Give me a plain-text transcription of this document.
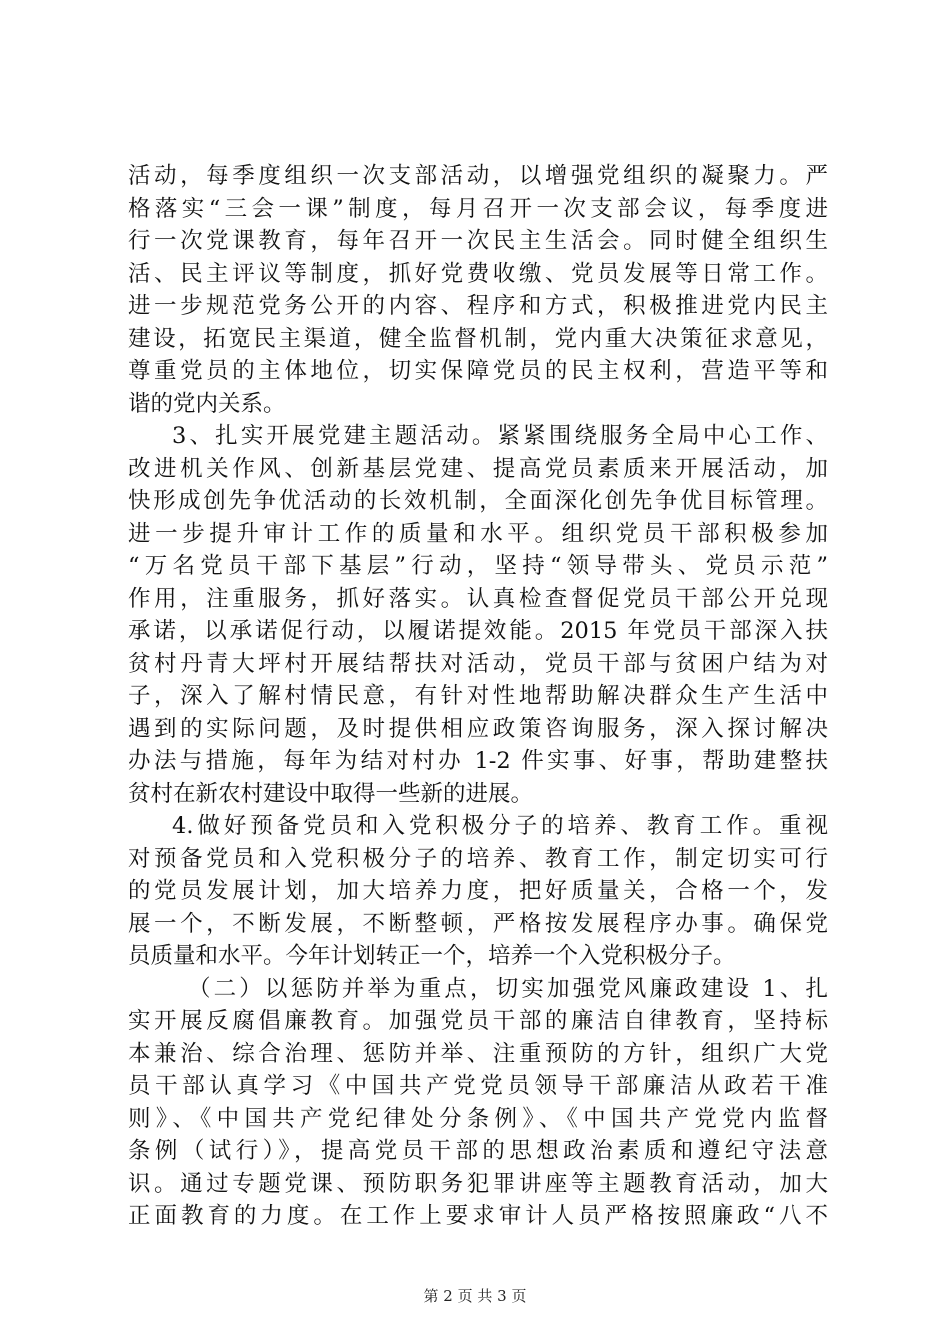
活动，每季度组织一次支部活动，以增强党组织的凝聚力。严
格落实“三会一课”制度，每月召开一次支部会议，每季度进
行一次党课教育，每年召开一次民主生活会。同时健全组织生
活、民主评议等制度，抓好党费收缴、党员发展等日常工作。
进一步规范党务公开的内容、程序和方式，积极推进党内民主
建设，拓宽民主渠道，健全监督机制，党内重大决策征求意见，
尊重党员的主体地位，切实保障党员的民主权利，营造平等和
谐的党内关系。
3、扎实开展党建主题活动。紧紧围绕服务全局中心工作、
改进机关作风、创新基层党建、提高党员素质来开展活动，加
快形成创先争优活动的长效机制，全面深化创先争优目标管理。
进一步提升审计工作的质量和水平。组织党员干部积极参加
“万名党员干部下基层”行动，坚持“领导带头、党员示范”
作用，注重服务，抓好落实。认真检查督促党员干部公开兑现
承诺，以承诺促行动，以履诺提效能。2015 年党员干部深入扶
贫村丹青大坪村开展结帮扶对活动，党员干部与贫困户结为对
子，深入了解村情民意，有针对性地帮助解决群众生产生活中
遇到的实际问题，及时提供相应政策咨询服务，深入探讨解决
办法与措施，每年为结对村办 1-2 件实事、好事，帮助建整扶
贫村在新农村建设中取得一些新的进展。
4.做好预备党员和入党积极分子的培养、教育工作。重视
对预备党员和入党积极分子的培养、教育工作，制定切实可行
的党员发展计划，加大培养力度，把好质量关，合格一个，发
展一个，不断发展，不断整顿，严格按发展程序办事。确保党
员质量和水平。今年计划转正一个，培养一个入党积极分子。
（二）以惩防并举为重点，切实加强党风廉政建设 1、扎
实开展反腐倡廉教育。加强党员干部的廉洁自律教育，坚持标
本兼治、综合治理、惩防并举、注重预防的方针，组织广大党
员干部认真学习《中国共产党党员领导干部廉洁从政若干准
则》、《中国共产党纪律处分条例》、《中国共产党党内监督
条例（试行）》，提高党员干部的思想政治素质和遵纪守法意
识。通过专题党课、预防职务犯罪讲座等主题教育活动，加大
正面教育的力度。在工作上要求审计人员严格按照廉政“八不
第 2 页 共 3 页
